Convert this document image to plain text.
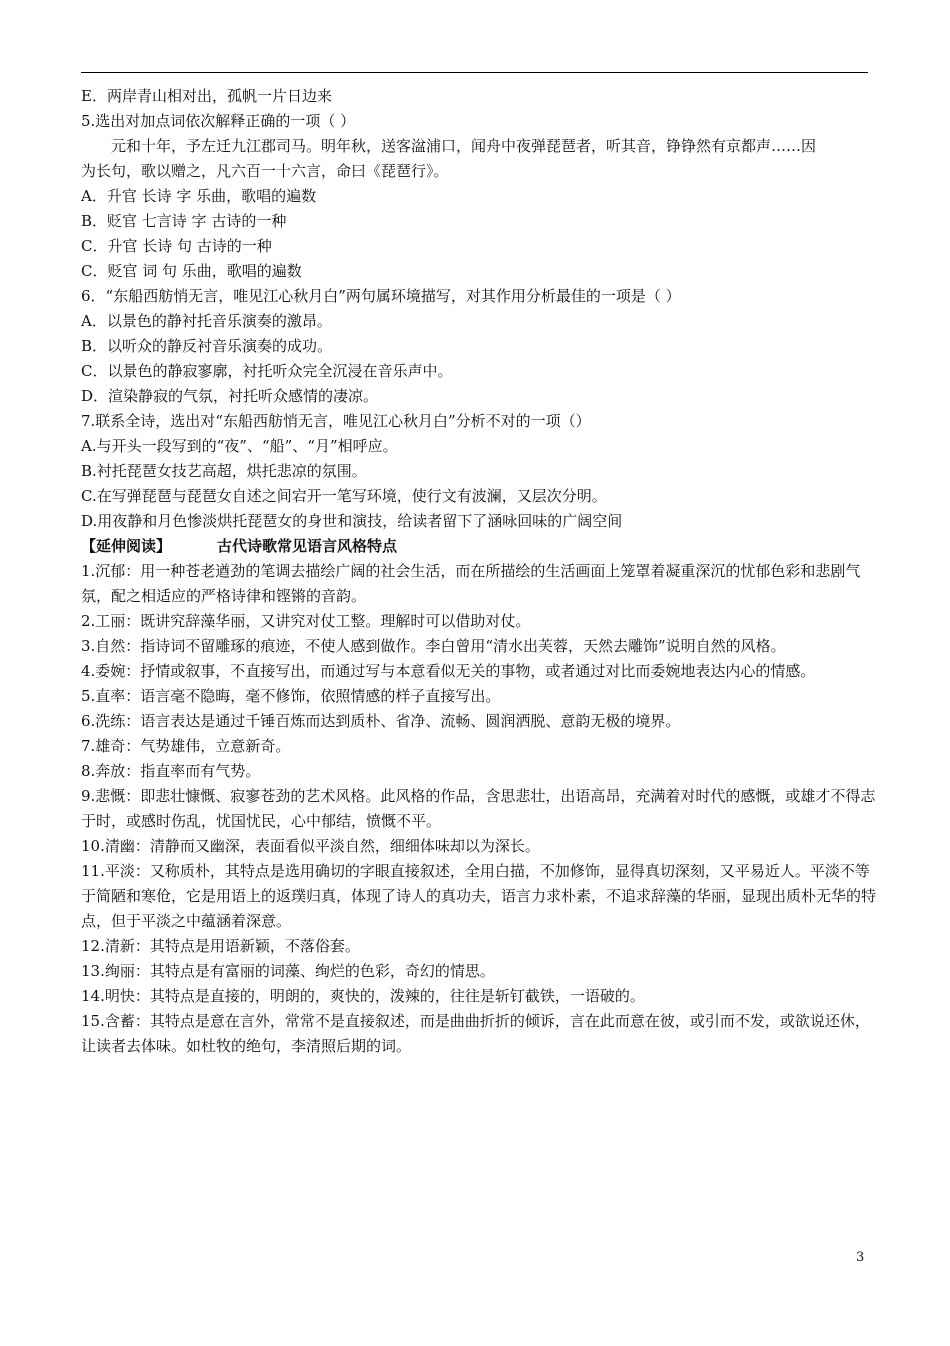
E．两岸青山相对出，孤帆一片日边来
5.选出对加点词依次解释正确的一项（ ）
元和十年，予左迁九江郡司马。明年秋，送客湓浦口，闻舟中夜弹琵琶者，听其音，铮铮然有京都声……因
为长句，歌以赠之，凡六百一十六言，命曰《琵琶行》。
A．升官 长诗 字 乐曲，歌唱的遍数
B．贬官 七言诗 字 古诗的一种
C．升官 长诗 句 古诗的一种
C．贬官 词 句 乐曲，歌唱的遍数
6．“东船西舫悄无言，唯见江心秋月白”两句属环境描写，对其作用分析最佳的一项是（ ）
A．以景色的静衬托音乐演奏的激昂。
B．以听众的静反衬音乐演奏的成功。
C．以景色的静寂寥廓，衬托听众完全沉浸在音乐声中。
D．渲染静寂的气氛，衬托听众感情的凄凉。
7.联系全诗，选出对“东船西舫悄无言，唯见江心秋月白”分析不对的一项（）
A.与开头一段写到的“夜”、“船”、“月”相呼应。
B.衬托琵琶女技艺高超，烘托悲凉的氛围。
C.在写弹琵琶与琵琶女自述之间宕开一笔写环境，使行文有波澜，又层次分明。
D.用夜静和月色惨淡烘托琵琶女的身世和演技，给读者留下了涵咏回味的广阔空间
【延伸阅读】	古代诗歌常见语言风格特点
1.沉郁：用一种苍老遒劲的笔调去描绘广阔的社会生活，而在所描绘的生活画面上笼罩着凝重深沉的忧郁色彩和悲剧气氛，配之相适应的严格诗律和铿锵的音韵。
2.工丽：既讲究辞藻华丽，又讲究对仗工整。理解时可以借助对仗。
3.自然：指诗词不留雕琢的痕迹，不使人感到做作。李白曾用“清水出芙蓉，天然去雕饰”说明自然的风格。
4.委婉：抒情或叙事，不直接写出，而通过写与本意看似无关的事物，或者通过对比而委婉地表达内心的情感。
5.直率：语言毫不隐晦，毫不修饰，依照情感的样子直接写出。
6.洗练：语言表达是通过千锤百炼而达到质朴、省净、流畅、圆润洒脱、意韵无极的境界。
7.雄奇：气势雄伟，立意新奇。
8.奔放：指直率而有气势。
9.悲慨：即悲壮慷慨、寂寥苍劲的艺术风格。此风格的作品，含思悲壮，出语高昂，充满着对时代的感慨，或雄才不得志于时，或感时伤乱，忧国忧民，心中郁结，愤慨不平。
10.清幽：清静而又幽深，表面看似平淡自然，细细体味却以为深长。
11.平淡：又称质朴，其特点是选用确切的字眼直接叙述，全用白描，不加修饰，显得真切深刻，又平易近人。平淡不等于简陋和寒伧，它是用语上的返璞归真，体现了诗人的真功夫，语言力求朴素，不追求辞藻的华丽，显现出质朴无华的特点，但于平淡之中蕴涵着深意。
12.清新：其特点是用语新颖，不落俗套。
13.绚丽：其特点是有富丽的词藻、绚烂的色彩，奇幻的情思。
14.明快：其特点是直接的，明朗的，爽快的，泼辣的，往往是斩钉截铁，一语破的。
15.含蓄：其特点是意在言外，常常不是直接叙述，而是曲曲折折的倾诉，言在此而意在彼，或引而不发，或欲说还休，让读者去体味。如杜牧的绝句，李清照后期的词。
3
